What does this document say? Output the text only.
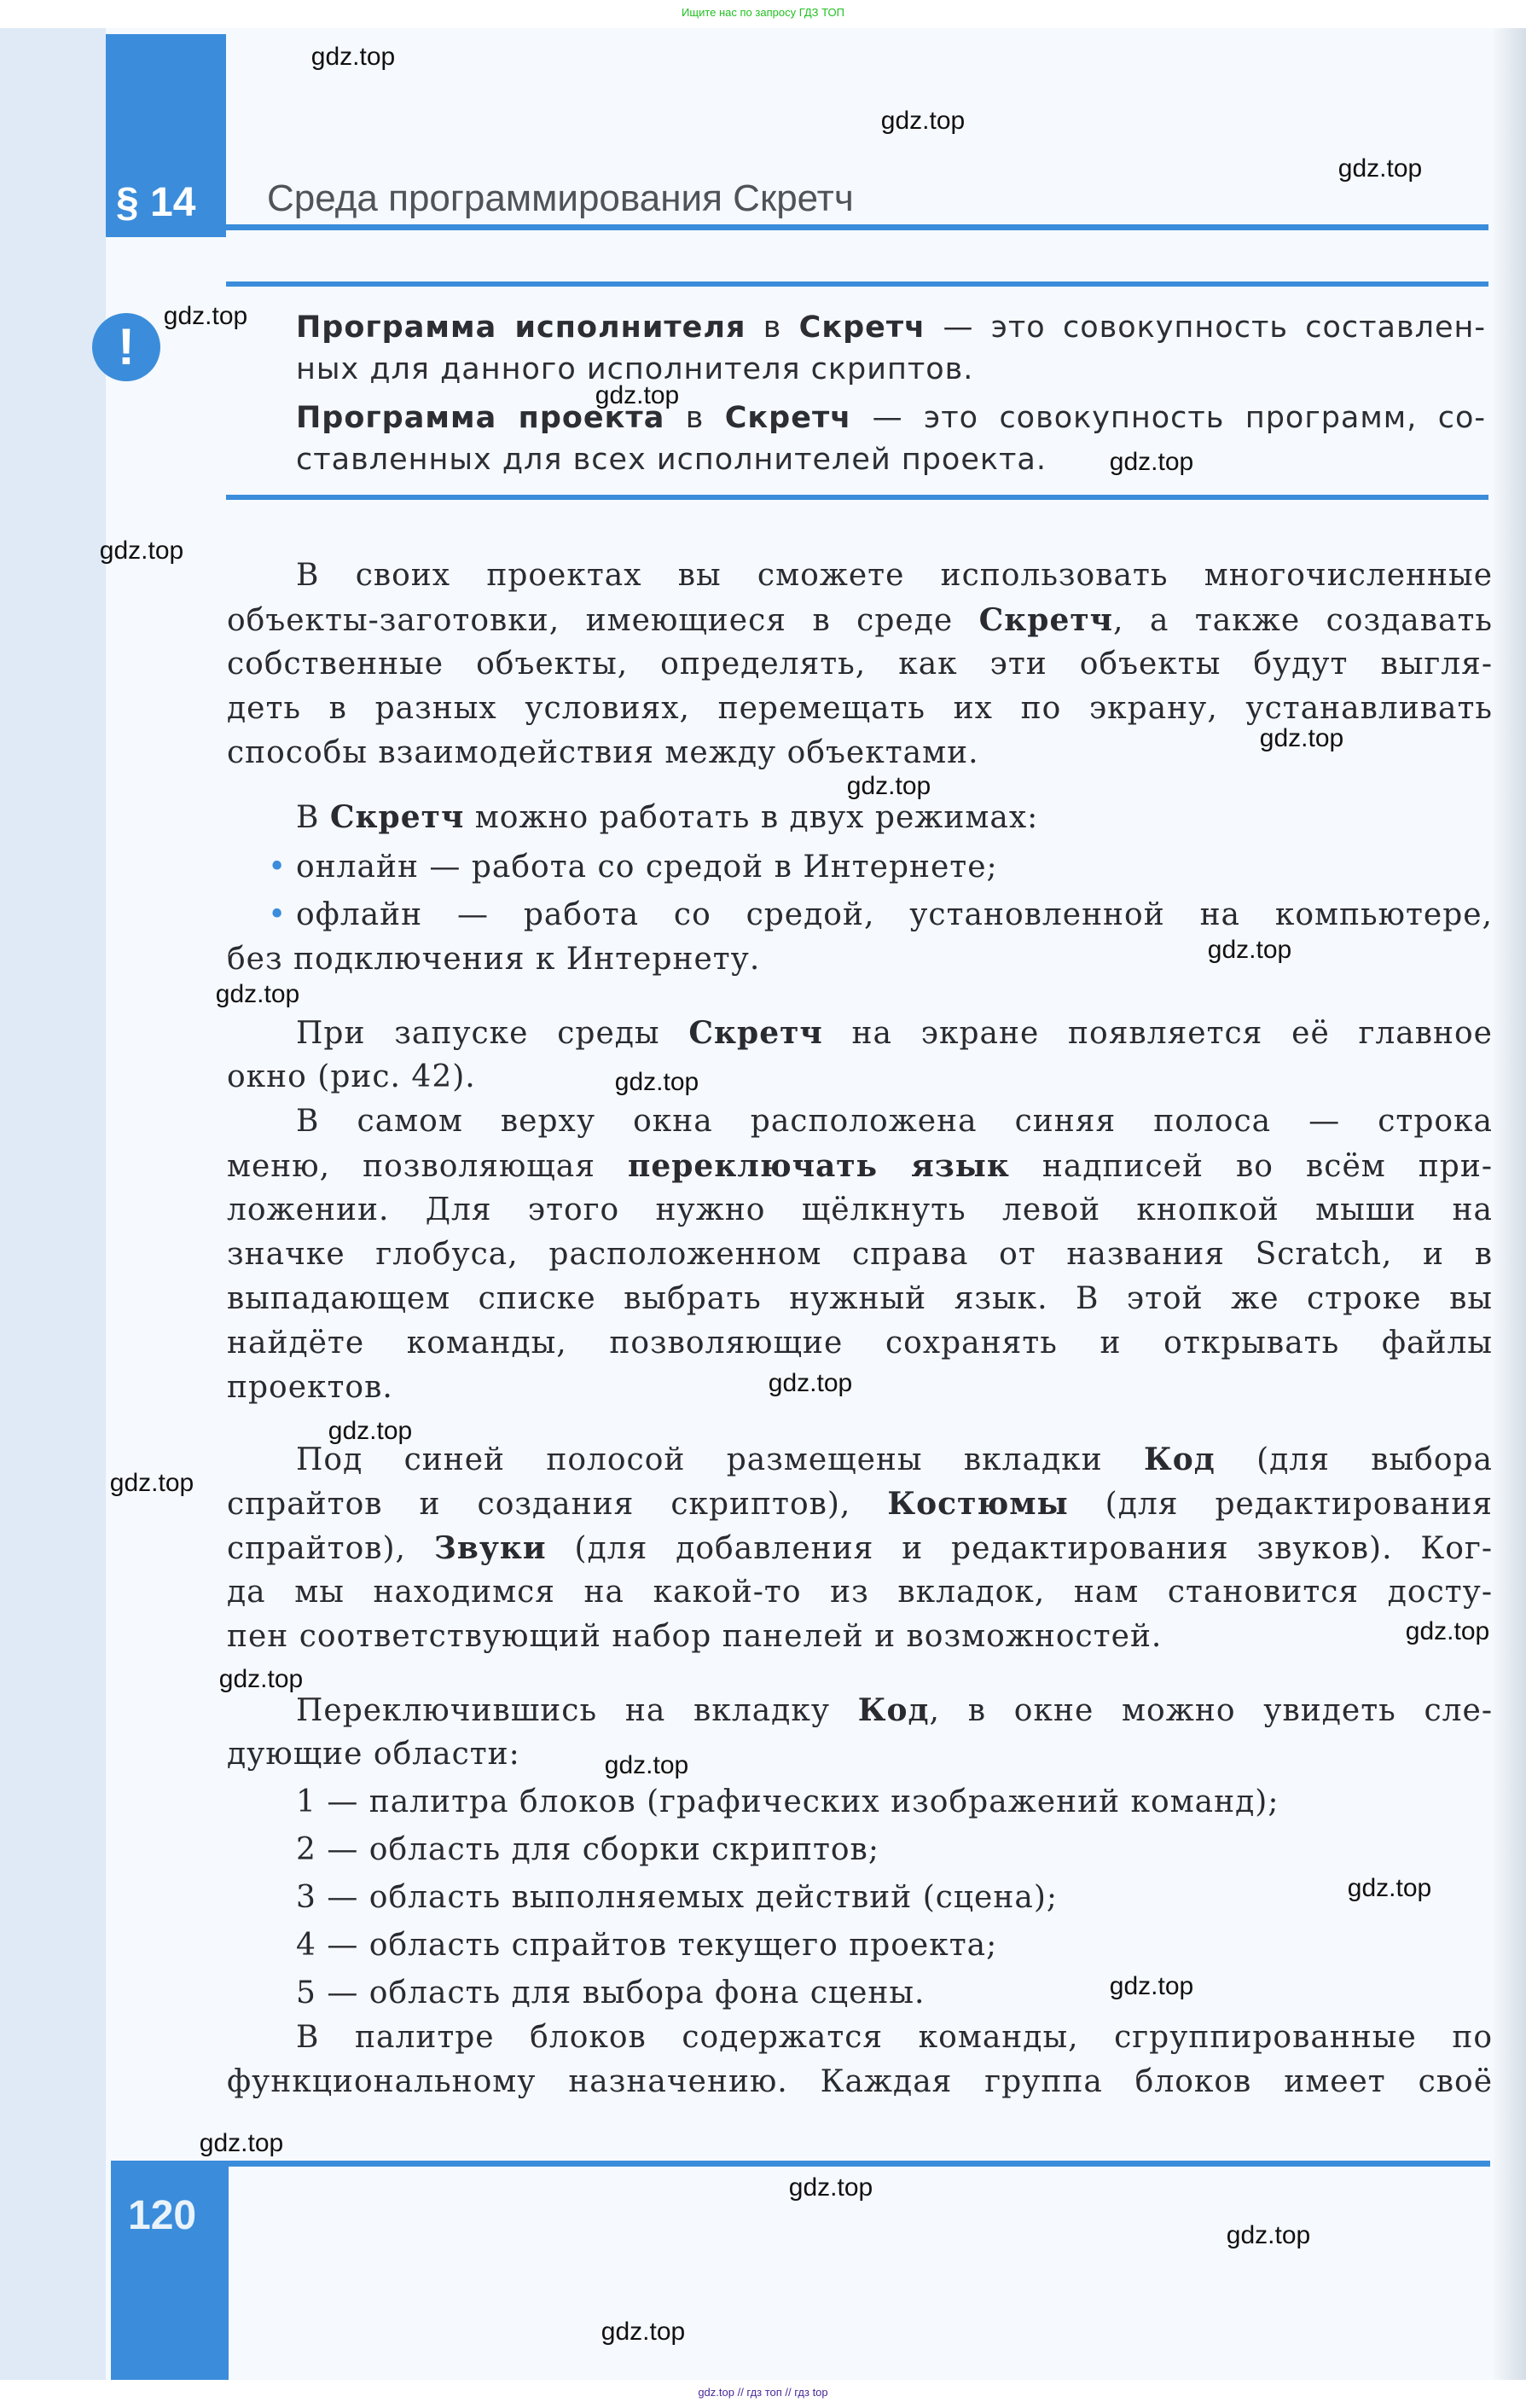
Ищите нас по запросу ГДЗ ТОП
§ 14 Среда программирования Скретч
!	Программа исполнителя в Скретч — это совокупность составлен-
ных для данного исполнителя скриптов.
Программа проекта в Скретч — это совокупность программ, со-
ставленных для всех исполнителей проекта.
В своих проектах вы сможете использовать многочисленные
объекты-заготовки, имеющиеся в среде Скретч, а также создавать
собственные объекты, определять, как эти объекты будут выгля-
деть в разных условиях, перемещать их по экрану, устанавливать
способы взаимодействия между объектами.
В Скретч можно работать в двух режимах:
• онлайн — работа со средой в Интернете;
• офлайн — работа со средой, установленной на компьютере,
без подключения к Интернету.
При запуске среды Скретч на экране появляется её главное
окно (рис. 42).
В самом верху окна расположена синяя полоса — строка
меню, позволяющая переключать язык надписей во всём при-
ложении. Для этого нужно щёлкнуть левой кнопкой мыши на
значке глобуса, расположенном справа от названия Scratch, и в
выпадающем списке выбрать нужный язык. В этой же строке вы
найдёте команды, позволяющие сохранять и открывать файлы
проектов.
Под синей полосой размещены вкладки Код (для выбора
спрайтов и создания скриптов), Костюмы (для редактирования
спрайтов), Звуки (для добавления и редактирования звуков). Ког-
да мы находимся на какой-то из вкладок, нам становится досту-
пен соответствующий набор панелей и возможностей.
Переключившись на вкладку Код, в окне можно увидеть сле-
дующие области:
1 — палитра блоков (графических изображений команд);
2 — область для сборки скриптов;
3 — область выполняемых действий (сцена);
4 — область спрайтов текущего проекта;
5 — область для выбора фона сцены.
В палитре блоков содержатся команды, сгруппированные по
функциональному назначению. Каждая группа блоков имеет своё
120
gdz.top
gdz.top
gdz.top
gdz.top
gdz.top
gdz.top
gdz.top
gdz.top
gdz.top
gdz.top
gdz.top
gdz.top
gdz.top
gdz.top
gdz.top
gdz.top
gdz.top
gdz.top
gdz.top
gdz.top
gdz.top
gdz.top
gdz.top
gdz.top
gdz.top // гдз топ // гдз top
